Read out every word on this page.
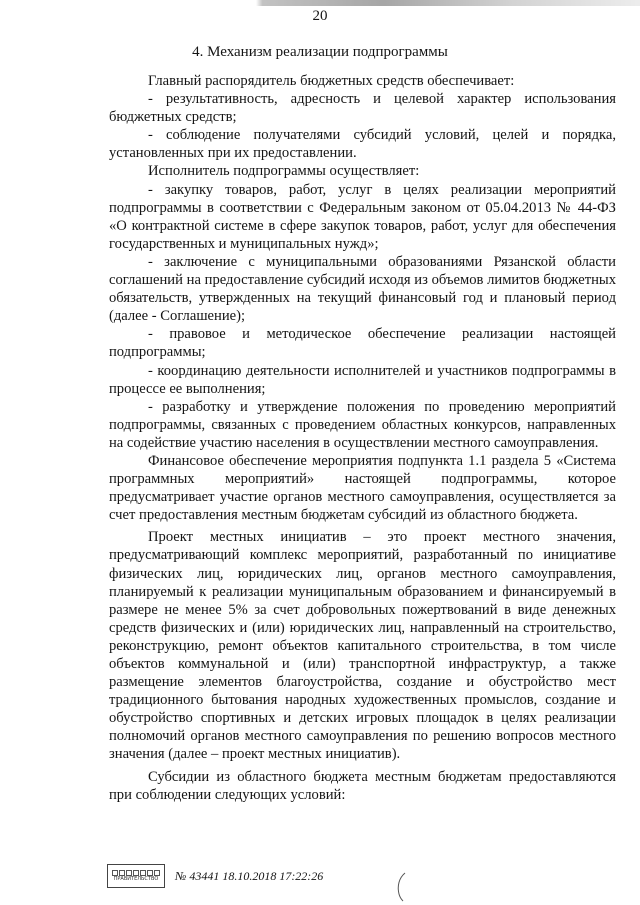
20
4. Механизм реализации подпрограммы

Главный распорядитель бюджетных средств обеспечивает:

- результативность, адресность и целевой характер использования бюджетных средств;

- соблюдение получателями субсидий условий, целей и порядка, установленных при их предоставлении.

Исполнитель подпрограммы осуществляет:

- закупку товаров, работ, услуг в целях реализации мероприятий подпрограммы в соответствии с Федеральным законом от 05.04.2013 № 44-ФЗ «О контрактной системе в сфере закупок товаров, работ, услуг для обеспечения государственных и муниципальных нужд»;

- заключение с муниципальными образованиями Рязанской области соглашений на предоставление субсидий исходя из объемов лимитов бюджетных обязательств, утвержденных на текущий финансовый год и плановый период (далее - Соглашение);

- правовое и методическое обеспечение реализации настоящей подпрограммы;

- координацию деятельности исполнителей и участников подпрограммы в процессе ее выполнения;

- разработку и утверждение положения по проведению мероприятий подпрограммы, связанных с проведением областных конкурсов, направленных на содействие участию населения в осуществлении местного самоуправления.

Финансовое обеспечение мероприятия подпункта 1.1 раздела 5 «Система программных мероприятий» настоящей подпрограммы, которое предусматривает участие органов местного самоуправления, осуществляется за счет предоставления местным бюджетам субсидий из областного бюджета.

Проект местных инициатив – это проект местного значения, предусматривающий комплекс мероприятий, разработанный по инициативе физических лиц, юридических лиц, органов местного самоуправления, планируемый к реализации муниципальным образованием и финансируемый в размере не менее 5% за счет добровольных пожертвований в виде денежных средств физических и (или) юридических лиц, направленный на строительство, реконструкцию, ремонт объектов капитального строительства, в том числе объектов коммунальной и (или) транспортной инфраструктур, а также размещение элементов благоустройства, создание и обустройство мест традиционного бытования народных художественных промыслов, создание и обустройство спортивных и детских игровых площадок в целях реализации полномочий органов местного самоуправления по решению вопросов местного значения (далее – проект местных инициатив).

Субсидии из областного бюджета местным бюджетам предоставляются при соблюдении следующих условий:

ПРАВИТЕЛЬСТВО № 43441 18.10.2018 17:22:26
